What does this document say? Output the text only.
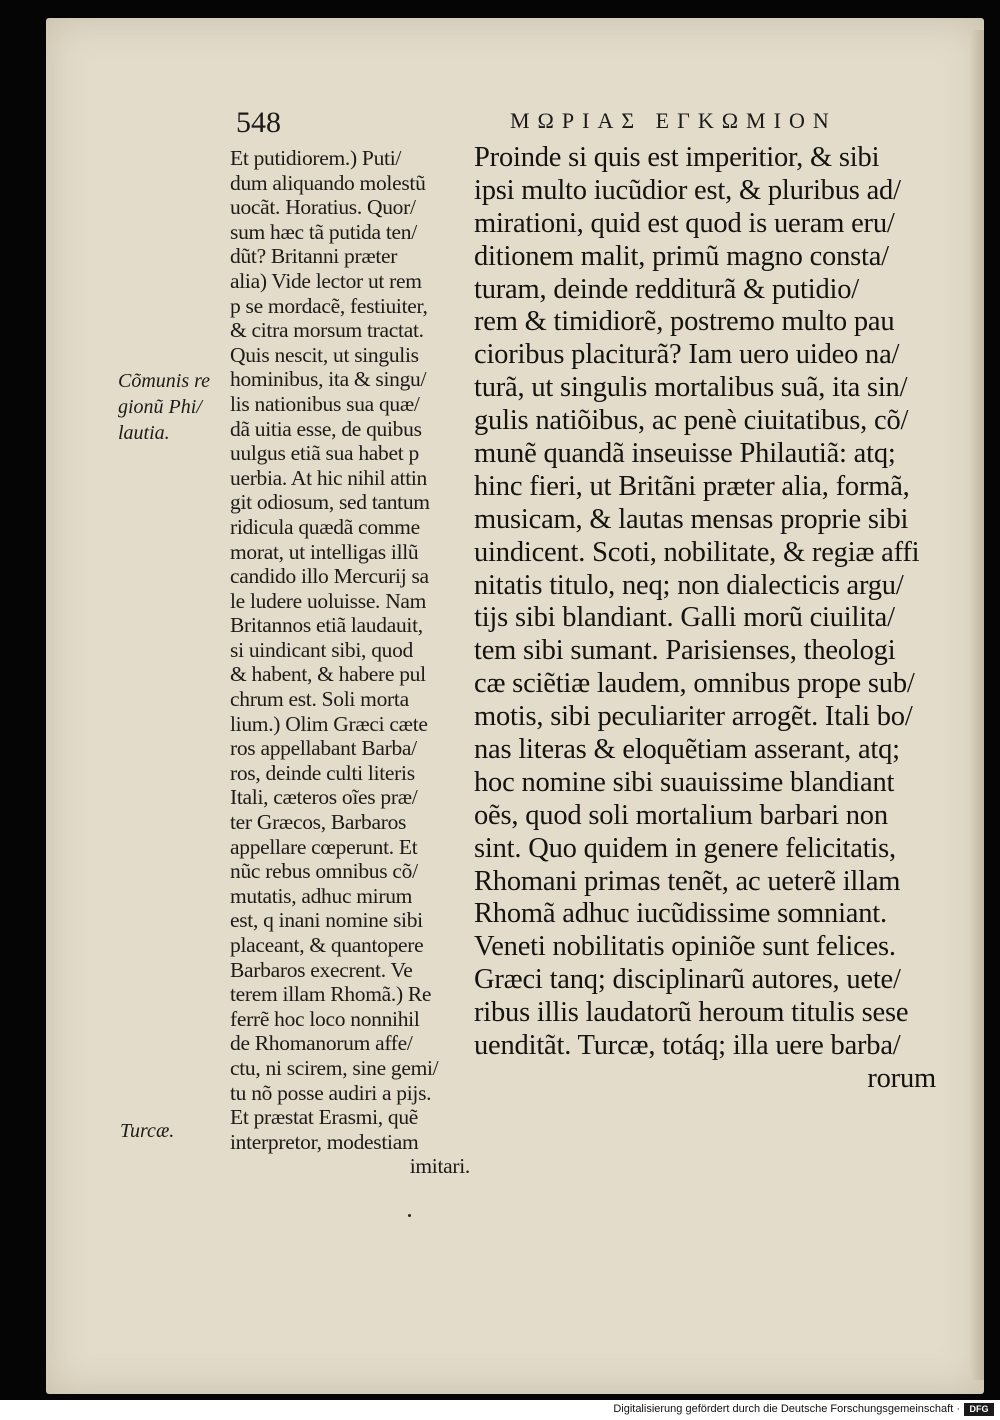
548	ΜΩΡΙΑΣ ΕΓΚΩΜΙΟΝ
Cõmunis re
gionũ Phi/
lautia.
Turcæ.
Et putidiorem.) Puti/
dum aliquando molestũ
uocãt. Horatius. Quor/
sum hæc tã putida ten/
dũt? Britanni præter
alia) Vide lector ut rem
p se mordacẽ, festiuiter,
& citra morsum tractat.
Quis nescit, ut singulis
hominibus, ita & singu/
lis nationibus sua quæ/
dã uitia esse, de quibus
uulgus etiã sua habet p
uerbia. At hic nihil attin
git odiosum, sed tantum
ridicula quædã comme
morat, ut intelligas illũ
candido illo Mercurij sa
le ludere uoluisse. Nam
Britannos etiã laudauit,
si uindicant sibi, quod
& habent, & habere pul
chrum est. Soli morta
lium.) Olim Græci cæte
ros appellabant Barba/
ros, deinde culti literis
Itali, cæteros oĩes præ/
ter Græcos, Barbaros
appellare cœperunt. Et
nũc rebus omnibus cõ/
mutatis, adhuc mirum
est, q inani nomine sibi
placeant, & quantopere
Barbaros execrent. Ve
terem illam Rhomã.) Re
ferrẽ hoc loco nonnihil
de Rhomanorum affe/
ctu, ni scirem, sine gemi/
tu nõ posse audiri a pijs.
Et præstat Erasmi, quẽ
interpretor, modestiam
imitari.
Proinde si quis est imperitior, & sibi
ipsi multo iucũdior est, & pluribus ad/
mirationi, quid est quod is ueram eru/
ditionem malit, primũ magno consta/
turam, deinde redditurã & putidio/
rem & timidiorẽ, postremo multo pau
cioribus placiturã? Iam uero uideo na/
turã, ut singulis mortalibus suã, ita sin/
gulis natiõibus, ac penè ciuitatibus, cõ/
munẽ quandã inseuisse Philautiã: atq;
hinc fieri, ut Britãni præter alia, formã,
musicam, & lautas mensas proprie sibi
uindicent. Scoti, nobilitate, & regiæ affi
nitatis titulo, neq; non dialecticis argu/
tijs sibi blandiant. Galli morũ ciuilita/
tem sibi sumant. Parisienses, theologi
cæ sciẽtiæ laudem, omnibus prope sub/
motis, sibi peculiariter arrogẽt. Itali bo/
nas literas & eloquẽtiam asserant, atq;
hoc nomine sibi suauissime blandiant
oẽs, quod soli mortalium barbari non
sint. Quo quidem in genere felicitatis,
Rhomani primas tenẽt, ac ueterẽ illam
Rhomã adhuc iucũdissime somniant.
Veneti nobilitatis opiniõe sunt felices.
Græci tanq; disciplinarũ autores, uete/
ribus illis laudatorũ heroum titulis sese
uenditãt. Turcæ, totáq; illa uere barba/
rorum
Digitalisierung gefördert durch die Deutsche Forschungsgemeinschaft ·	DFG
